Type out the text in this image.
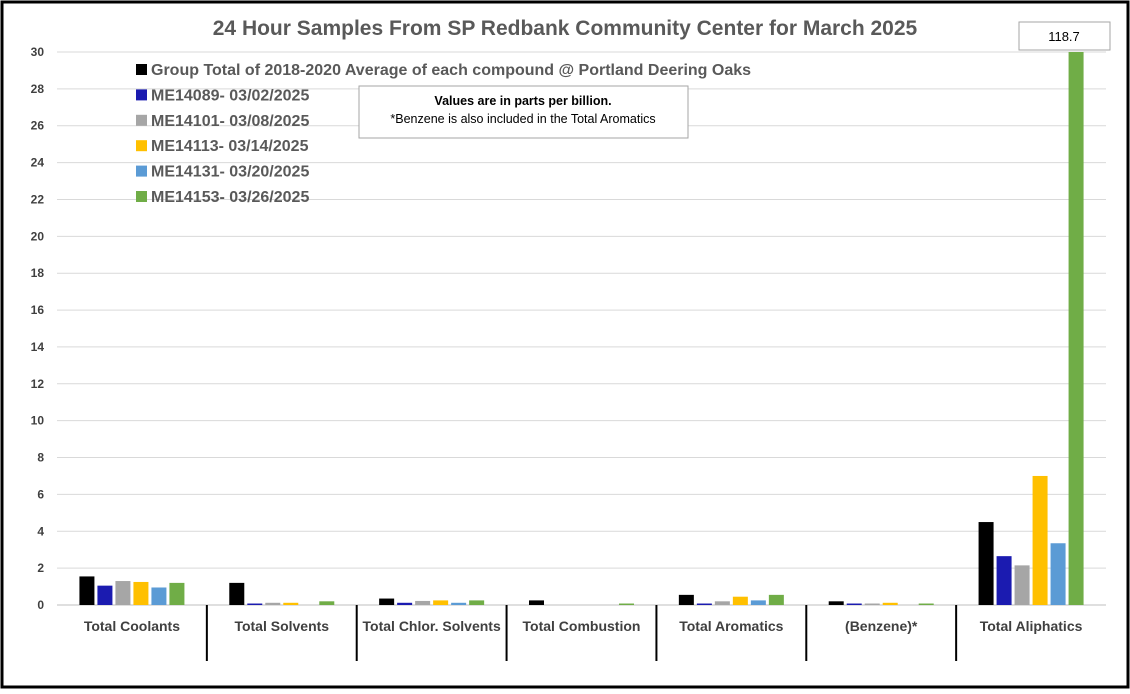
24 Hour Samples From SP Redbank Community Center for March 2025
0
2
4
6
8
10
12
14
16
18
20
22
24
26
28
30
Total Coolants	Total Solvents Total Chlor. Solvents Total Combustion	Total Aromatics	(Benzene)*	Total Aliphatics
Group Total of 2018-2020 Average of each compound @ Portland Deering Oaks
ME14089- 03/02/2025
ME14101- 03/08/2025
ME14113- 03/14/2025
ME14131- 03/20/2025
ME14153- 03/26/2025
Values are in parts per billion.
*Benzene is also included in the Total Aromatics
118.7
